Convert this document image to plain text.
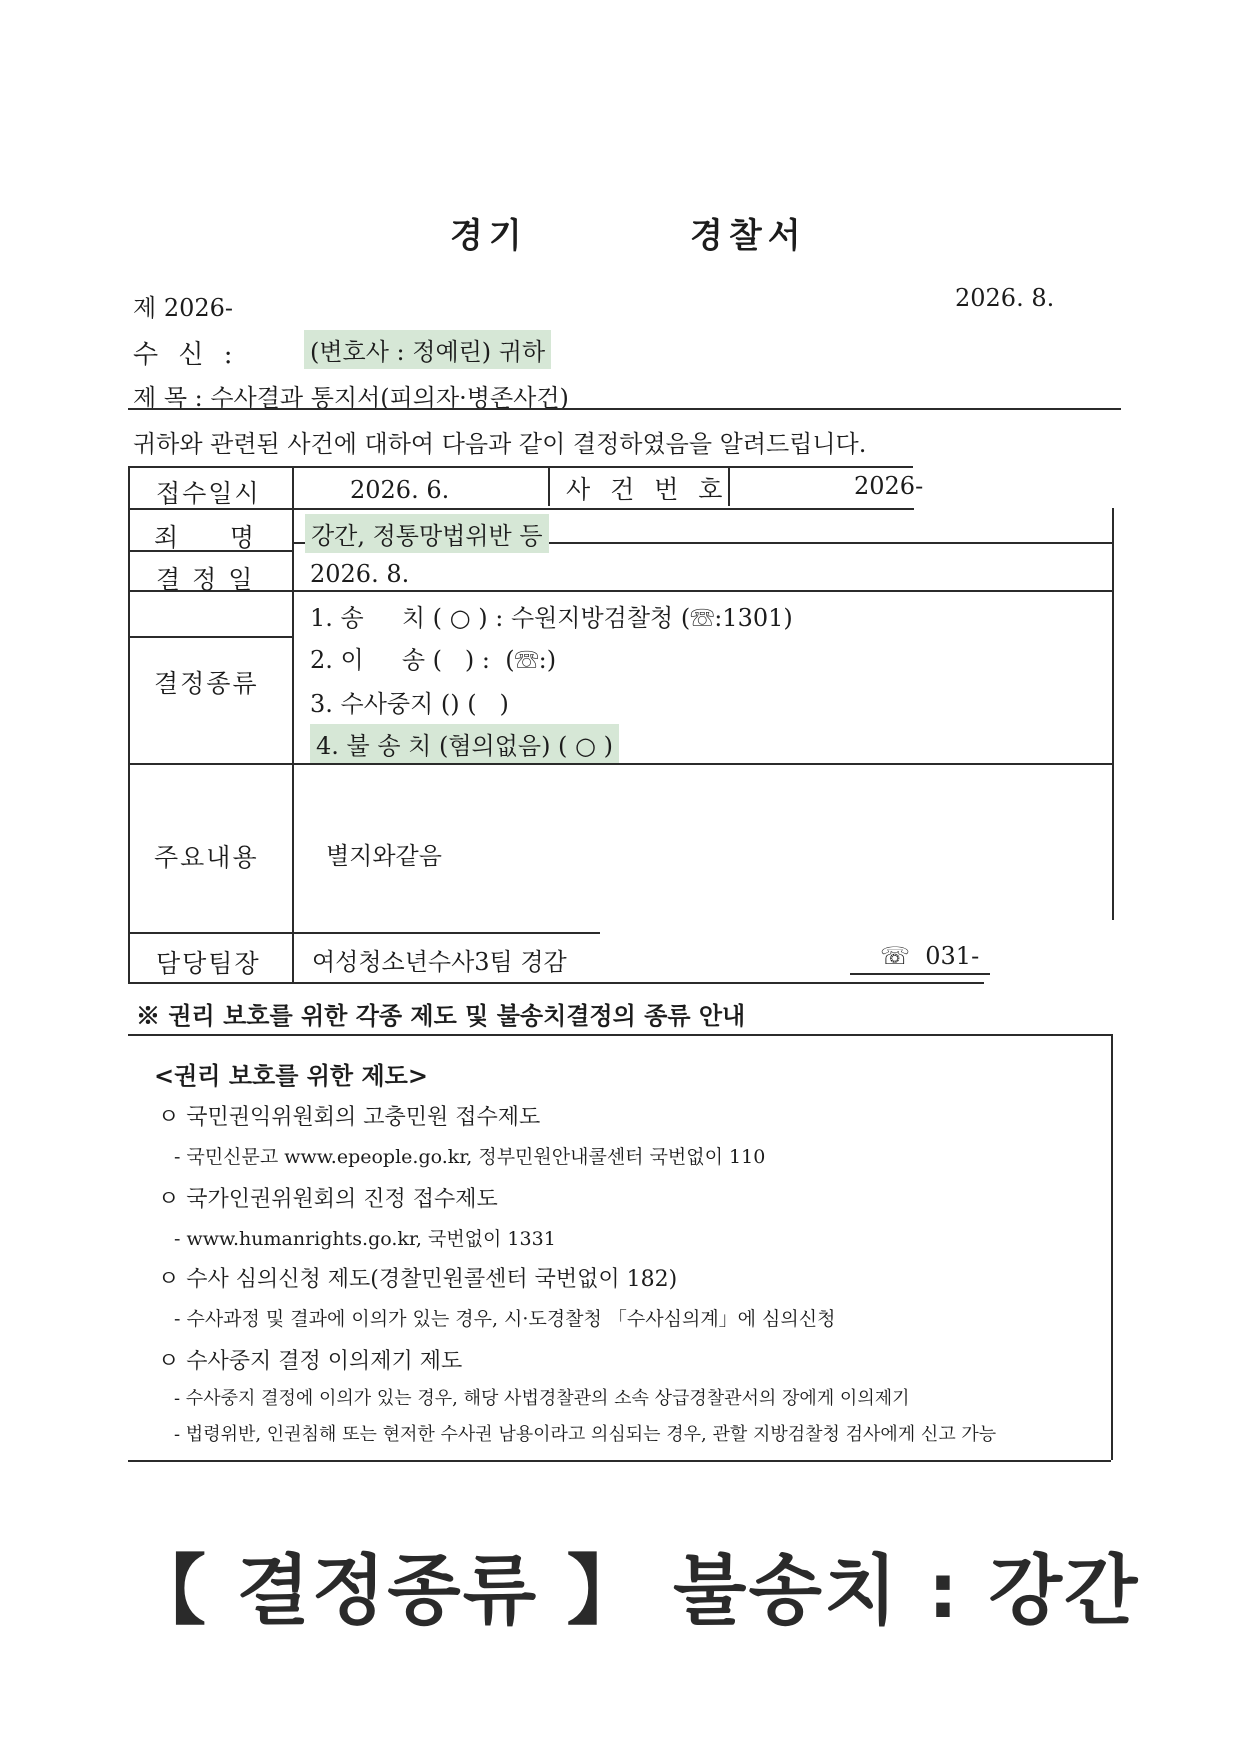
경기	경찰서
제 2026-	2026. 8.
수 신 :	(변호사 : 정예린) 귀하
제 목 : 수사결과 통지서(피의자·병존사건)
귀하와 관련된 사건에 대하여 다음과 같이 결정하였음을 알려드립니다.
접수일시	2026. 6.	사 건 번 호	2026-
죄     명 강간, 정통망법위반 등
결 정 일 2026. 8.
결정종류
1. 송     치 ( ○ ) : 수원지방검찰청 (☏:1301)
2. 이     송 (   ) :  (☏:)
3. 수사중지 () (   )
4. 불 송 치 (혐의없음) ( ○ )
주요내용	별지와같음
담당팀장 여성청소년수사3팀 경감	☏  031-
※ 권리 보호를 위한 각종 제도 및 불송치결정의 종류 안내
<권리 보호를 위한 제도>
ㅇ 국민권익위원회의 고충민원 접수제도
- 국민신문고 www.epeople.go.kr, 정부민원안내콜센터 국번없이 110
ㅇ 국가인권위원회의 진정 접수제도
- www.humanrights.go.kr, 국번없이 1331
ㅇ 수사 심의신청 제도(경찰민원콜센터 국번없이 182)
- 수사과정 및 결과에 이의가 있는 경우, 시·도경찰청 「수사심의계」에 심의신청
ㅇ 수사중지 결정 이의제기 제도
- 수사중지 결정에 이의가 있는 경우, 해당 사법경찰관의 소속 상급경찰관서의 장에게 이의제기
- 법령위반, 인권침해 또는 현저한 수사권 남용이라고 의심되는 경우, 관할 지방검찰청 검사에게 신고 가능
【 결정종류 】 불송치 : 강간
